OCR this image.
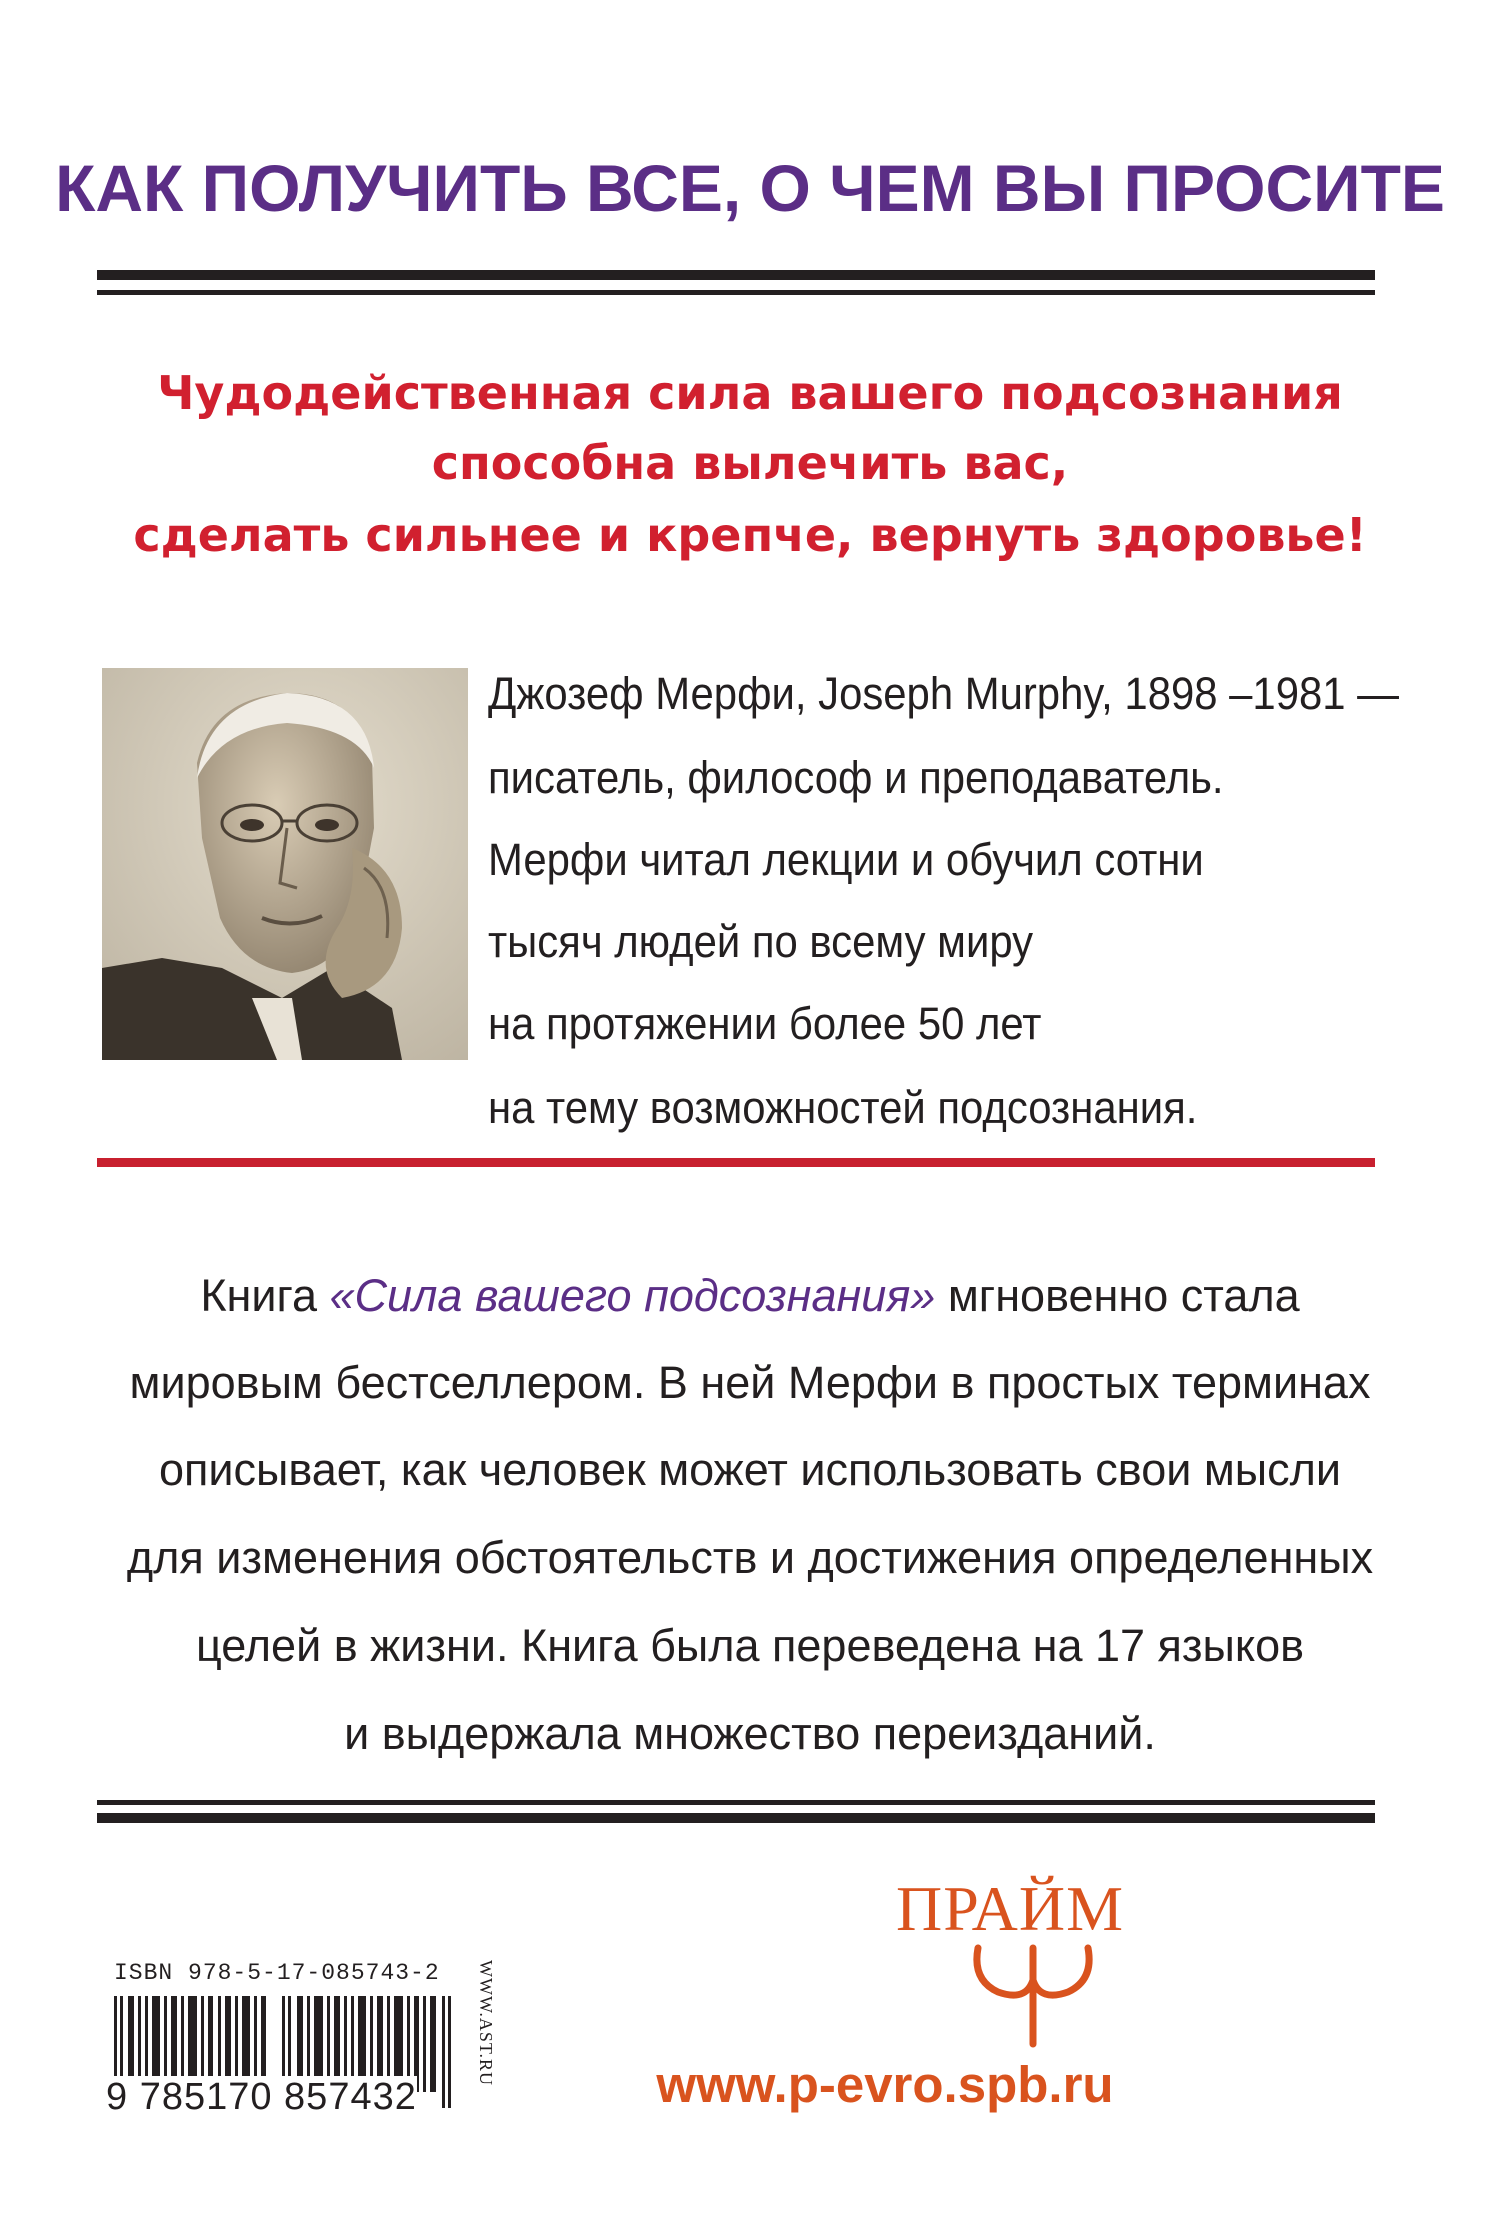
КАК ПОЛУЧИТЬ ВСЕ, О ЧЕМ ВЫ ПРОСИТЕ
Чудодейственная сила вашего подсознания
способна вылечить вас,
сделать сильнее и крепче, вернуть здоровье!
Джозеф Мерфи, Joseph Murphy, 1898 –1981 —
писатель, философ и преподаватель.
Мерфи читал лекции и обучил сотни
тысяч людей по всему миру
на протяжении более 50 лет
на тему возможностей подсознания.
Книга «Сила вашего подсознания» мгновенно стала
мировым бестселлером. В ней Мерфи в простых терминах
описывает, как человек может использовать свои мысли
для изменения обстоятельств и достижения определенных
целей в жизни. Книга была переведена на 17 языков
и выдержала множество переизданий.
ISBN 978-5-17-085743-2
9 785170 857432
WWW.AST.RU
ПРАЙМ
www.p-evro.spb.ru
